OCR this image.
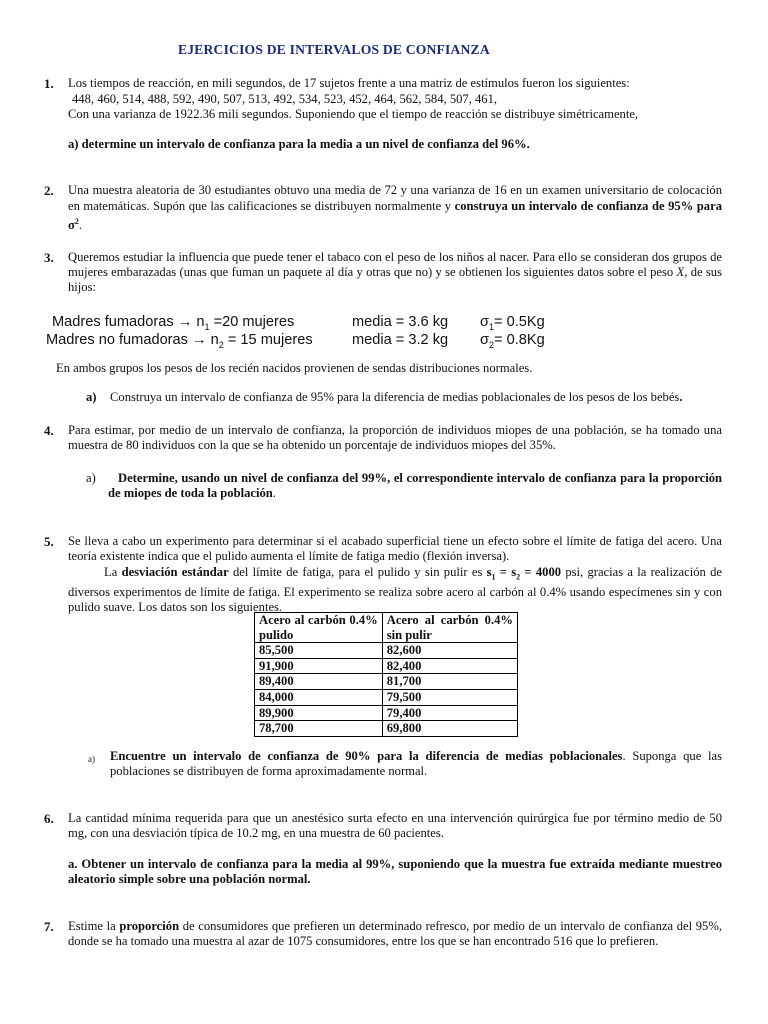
EJERCICIOS DE INTERVALOS DE CONFIANZA
1. Los tiempos de reacción, en mili segundos, de 17 sujetos frente a una matriz de estímulos fueron los siguientes:
448, 460, 514, 488, 592, 490, 507, 513, 492, 534, 523, 452, 464, 562, 584, 507, 461,
Con una varianza de 1922.36 mili segundos. Suponiendo que el tiempo de reacción se distribuye simétricamente,
a) determine un intervalo de confianza para la media a un nivel de confianza del 96%.
2. Una muestra aleatoria de 30 estudiantes obtuvo una media de 72 y una varianza de 16 en un examen universitario de colocación en matemáticas. Supón que las calificaciones se distribuyen normalmente y construya un intervalo de confianza de 95% para $\sigma^2$.
3. Queremos estudiar la influencia que puede tener el tabaco con el peso de los niños al nacer. Para ello se consideran dos grupos de mujeres embarazadas (unas que fuman un paquete al día y otras que no) y se obtienen los siguientes datos sobre el peso X, de sus hijos:
Madres fumadoras → $n_1 =20$ mujeres	media = 3.6 kg $\sigma_1= 0.5Kg$
Madres no fumadoras → $n_2 = 15$ mujeres	media = 3.2 kg $\sigma_2= 0.8Kg$
En ambos grupos los pesos de los recién nacidos provienen de sendas distribuciones normales.
a) Construya un intervalo de confianza de 95% para la diferencia de medias poblacionales de los pesos de los bebés.
4. Para estimar, por medio de un intervalo de confianza, la proporción de individuos miopes de una población, se ha tomado una muestra de 80 individuos con la que se ha obtenido un porcentaje de individuos miopes del 35%.
a)	Determine, usando un nivel de confianza del 99%, el correspondiente intervalo de confianza para la proporción de miopes de toda la población.
5. Se lleva a cabo un experimento para determinar si el acabado superficial tiene un efecto sobre el límite de fatiga del acero. Una teoría existente indica que el pulido aumenta el límite de fatiga medio (flexión inversa).
La desviación estándar del límite de fatiga, para el pulido y sin pulir es $s_1 = s_2 = 4000$ psi, gracias a la realización de diversos experimentos de límite de fatiga. El experimento se realiza sobre acero al carbón al 0.4% usando especímenes sin y con pulido suave. Los datos son los siguientes.
Acero al carbón 0.4% pulido	Acero al carbón 0.4% sin pulir
85,500	82,600
91,900	82,400
89,400	81,700
84,000	79,500
89,900	79,400
78,700	69,800
a) Encuentre un intervalo de confianza de 90% para la diferencia de medias poblacionales. Suponga que las poblaciones se distribuyen de forma aproximadamente normal.
6. La cantidad mínima requerida para que un anestésico surta efecto en una intervención quirúrgica fue por término medio de 50 mg, con una desviación típica de 10.2 mg, en una muestra de 60 pacientes.
a. Obtener un intervalo de confianza para la media al 99%, suponiendo que la muestra fue extraída mediante muestreo aleatorio simple sobre una población normal.
7. Estime la proporción de consumidores que prefieren un determinado refresco, por medio de un intervalo de confianza del 95%, donde se ha tomado una muestra al azar de 1075 consumidores, entre los que se han encontrado 516 que lo prefieren.
